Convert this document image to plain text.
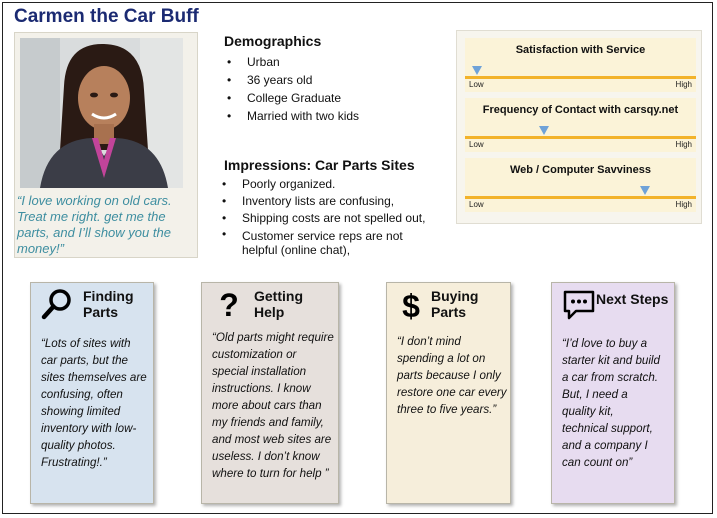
Carmen the Car Buff
“I love working on old cars. Treat me right. get me the parts, and I’ll show you the money!”
Demographics
• Urban
• 36 years old
• College Graduate
• Married with two kids
Impressions: Car Parts Sites
• Poorly organized.
• Inventory lists are confusing,
• Shipping costs are not spelled out,
• Customer service reps are not helpful (online chat),
Satisfaction with Service
Low	High
Frequency of Contact with carsqy.net
Low	High
Web / Computer Savviness
Low	High
Finding Parts
“Lots of sites with car parts, but the sites themselves are confusing, often showing limited inventory with low-quality photos. Frustrating!.”
? Getting Help
“Old parts might require customization or special installation instructions. I know more about cars than my friends and family, and most web sites are useless. I don’t know where to turn for help ”
$ Buying Parts
“I don’t mind spending a lot on parts because I only restore one car every three to five years.”
Next Steps
“I’d love to buy a starter kit and build a car from scratch. But, I need a quality kit, technical support, and a company I can count on”
